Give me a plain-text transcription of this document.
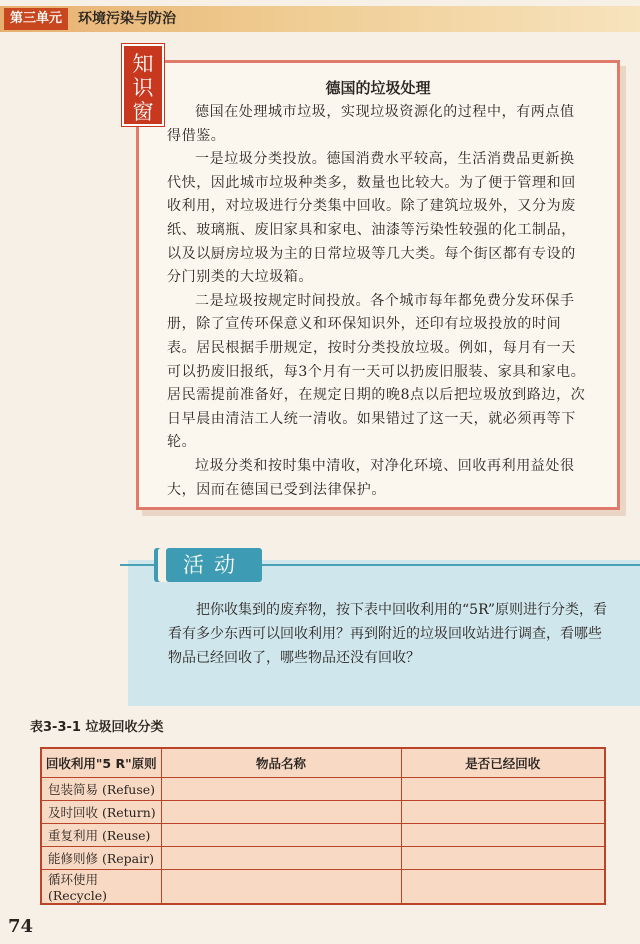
第三单元	环境污染与防治
德国的垃圾处理

德国在处理城市垃圾，实现垃圾资源化的过程中，有两点值得借鉴。

一是垃圾分类投放。德国消费水平较高，生活消费品更新换代快，因此城市垃圾种类多，数量也比较大。为了便于管理和回收利用，对垃圾进行分类集中回收。除了建筑垃圾外，又分为废纸、玻璃瓶、废旧家具和家电、油漆等污染性较强的化工制品，以及以厨房垃圾为主的日常垃圾等几大类。每个街区都有专设的分门别类的大垃圾箱。

二是垃圾按规定时间投放。各个城市每年都免费分发环保手册，除了宣传环保意义和环保知识外，还印有垃圾投放的时间表。居民根据手册规定，按时分类投放垃圾。例如，每月有一天可以扔废旧报纸，每3个月有一天可以扔废旧服装、家具和家电。居民需提前准备好，在规定日期的晚8点以后把垃圾放到路边，次日早晨由清洁工人统一清收。如果错过了这一天，就必须再等下轮。

垃圾分类和按时集中清收，对净化环境、回收再利用益处很大，因而在德国已受到法律保护。

知
识
窗
活动

把你收集到的废弃物，按下表中回收利用的“5R”原则进行分类，看看有多少东西可以回收利用？再到附近的垃圾回收站进行调查，看哪些物品已经回收了，哪些物品还没有回收？

表3-3-1 垃圾回收分类
回收利用"5 R"原则	物品名称	是否已经回收
包装简易 (Refuse)		
及时回收 (Return)		
重复利用 (Reuse)		
能修则修 (Repair)		
循环使用 (Recycle)		
74
